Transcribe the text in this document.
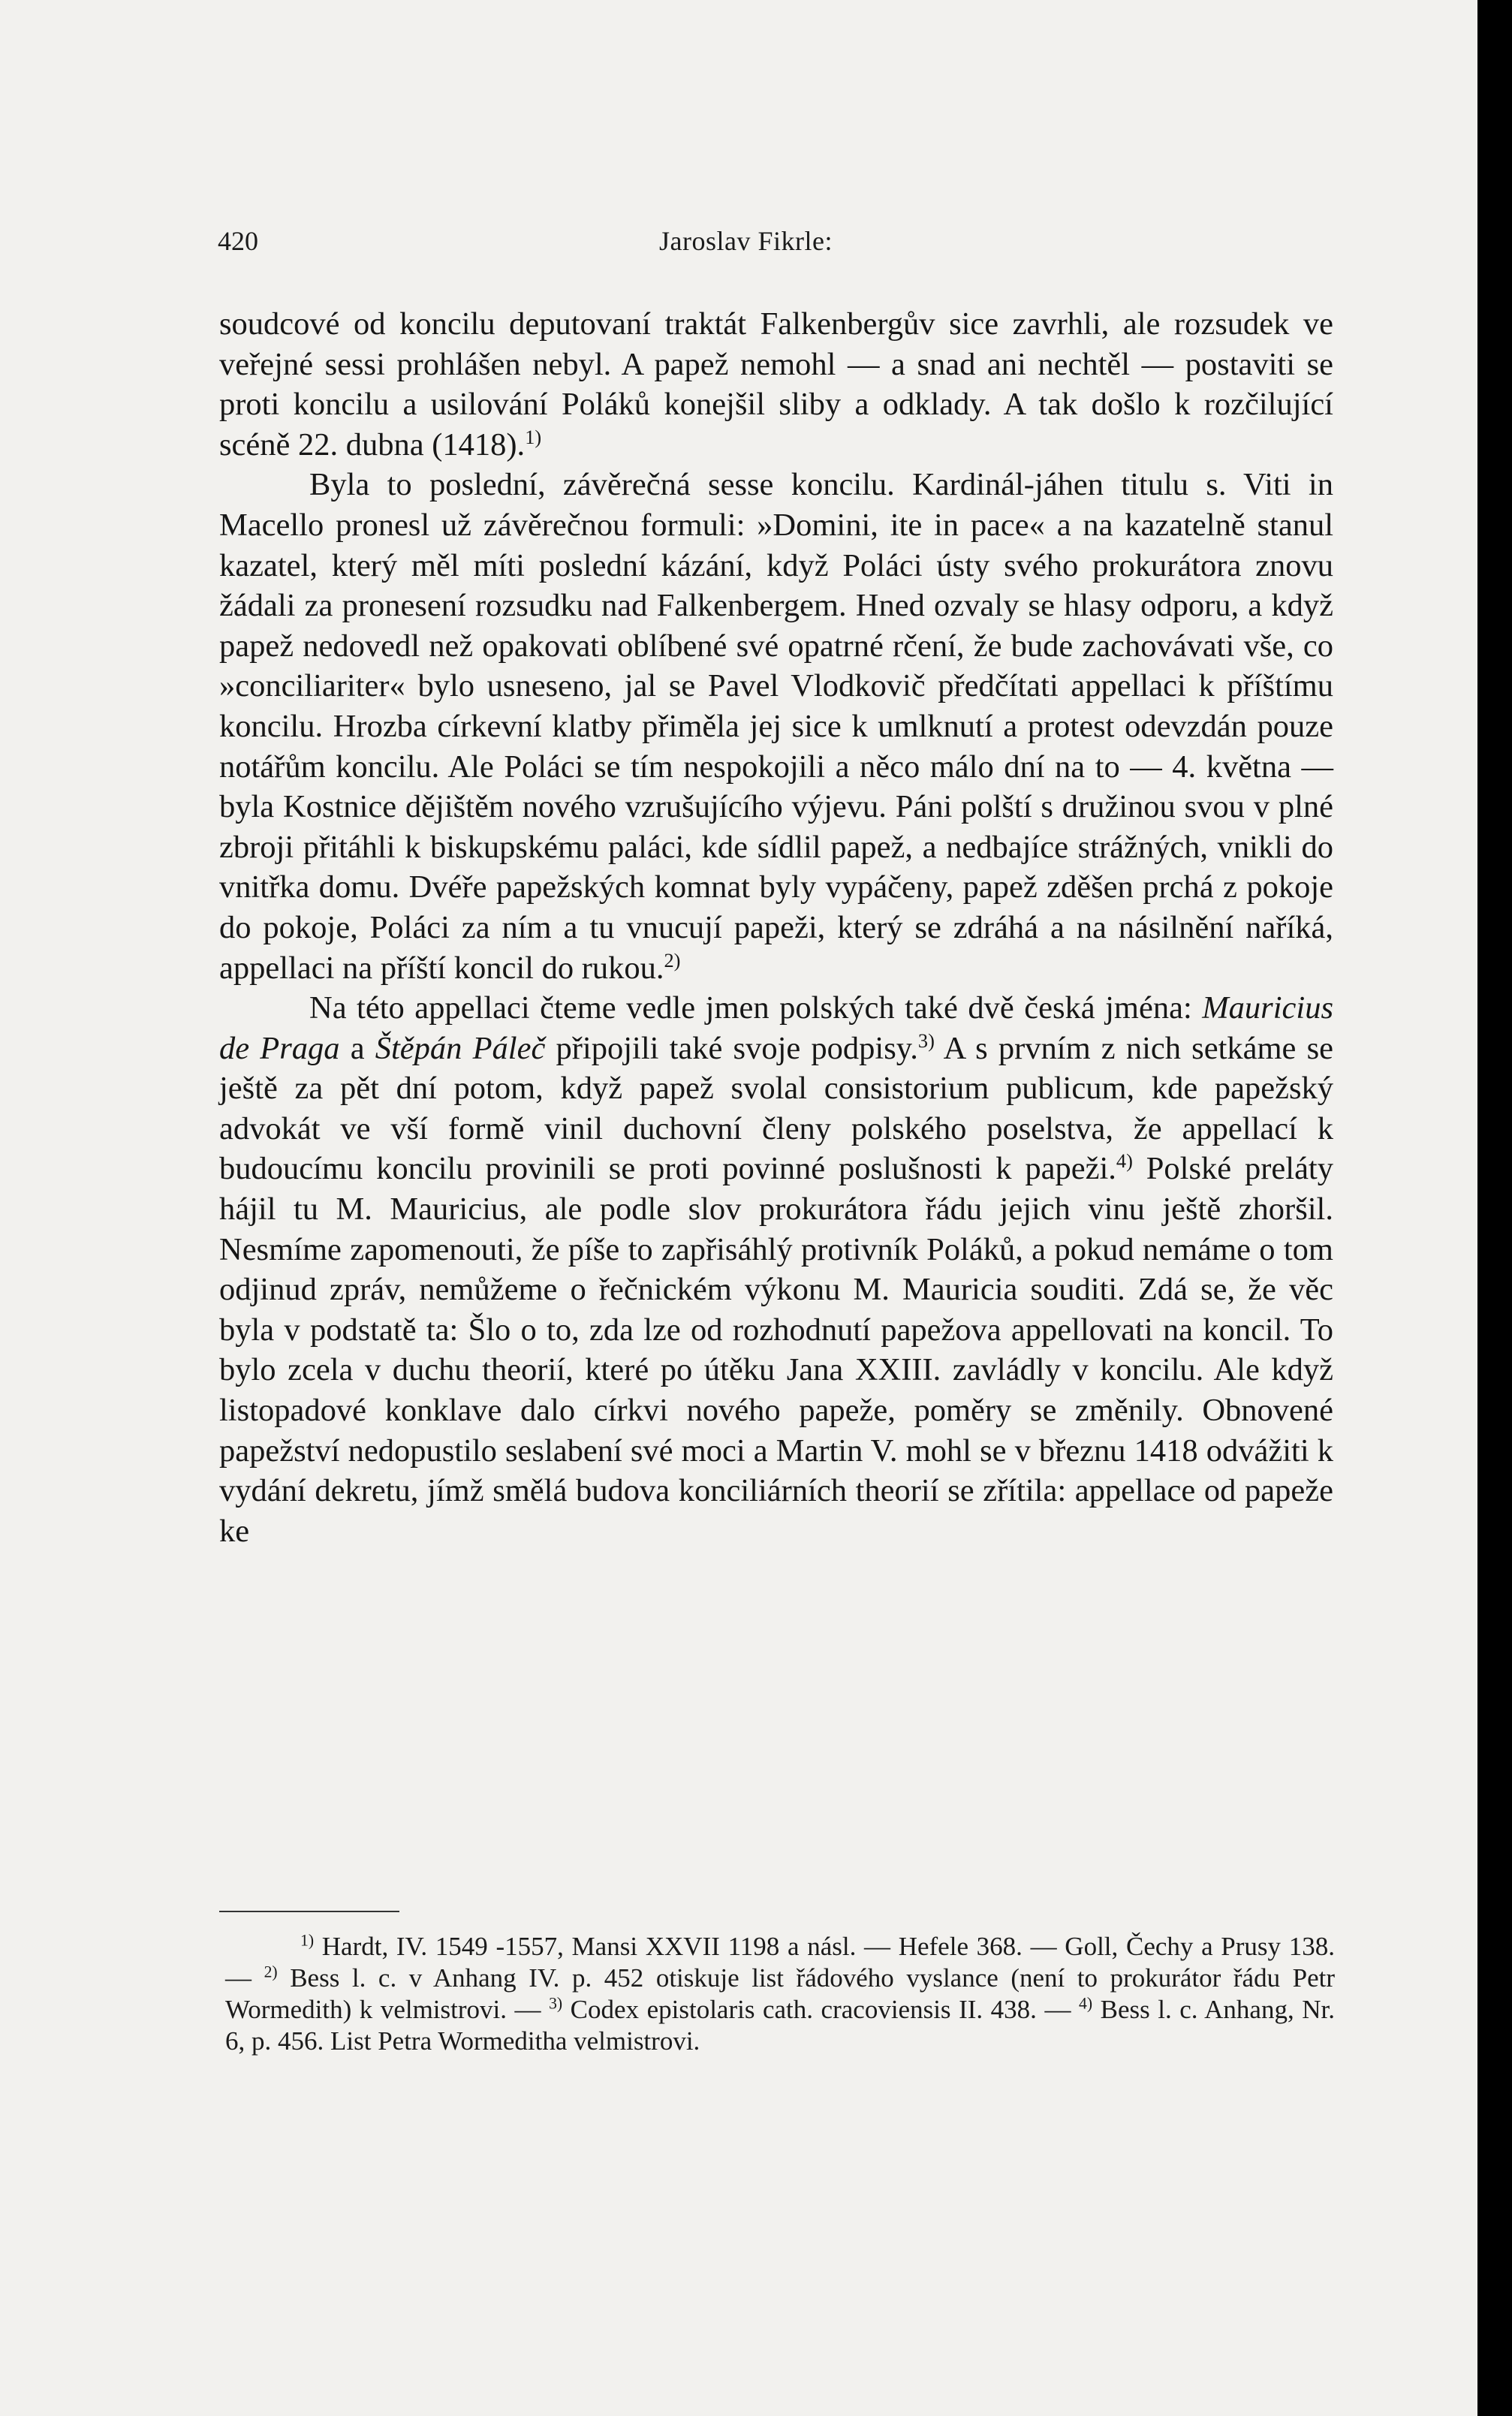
420	Jaroslav Fikrle:

soudcové od koncilu deputovaní traktát Falkenbergův sice zavrhli, ale rozsudek ve veřejné sessi prohlášen nebyl. A papež nemohl — a snad ani nechtěl — postaviti se proti koncilu a usilování Poláků konejšil sliby a odklady. A tak došlo k rozčilující scéně 22. dubna (1418).$^{1)}$

Byla to poslední, závěrečná sesse koncilu. Kardinál-jáhen titulu s. Viti in Macello pronesl už závěrečnou formuli: »Domini, ite in pace« a na kazatelně stanul kazatel, který měl míti poslední kázání, když Poláci ústy svého prokurátora znovu žádali za pronesení rozsudku nad Falkenbergem. Hned ozvaly se hlasy odporu, a když papež nedovedl než opakovati oblíbené své opatrné rčení, že bude zachovávati vše, co »conciliariter« bylo usneseno, jal se Pavel Vlodkovič předčítati appellaci k příštímu koncilu. Hrozba církevní klatby přiměla jej sice k umlknutí a protest odevzdán pouze notářům koncilu. Ale Poláci se tím nespokojili a něco málo dní na to — 4. května — byla Kostnice dějištěm nového vzrušujícího výjevu. Páni polští s družinou svou v plné zbroji přitáhli k biskupskému paláci, kde sídlil papež, a nedbajíce strážných, vnikli do vnitřka domu. Dvéře papežských komnat byly vypáčeny, papež zděšen prchá z pokoje do pokoje, Poláci za ním a tu vnucují papeži, který se zdráhá a na násilnění naříká, appellaci na příští koncil do rukou.$^{2)}$

Na této appellaci čteme vedle jmen polských také dvě česká jména: Mauricius de Praga a Štěpán Páleč připojili také svoje podpisy.$^{3)}$ A s prvním z nich setkáme se ještě za pět dní potom, když papež svolal consistorium publicum, kde papežský advokát ve vší formě vinil duchovní členy polského poselstva, že appellací k budoucímu koncilu provinili se proti povinné poslušnosti k papeži.$^{4)}$ Polské preláty hájil tu M. Mauricius, ale podle slov prokurátora řádu jejich vinu ještě zhoršil. Nesmíme zapomenouti, že píše to zapřisáhlý protivník Poláků, a pokud nemáme o tom odjinud zpráv, nemůžeme o řečnickém výkonu M. Mauricia souditi. Zdá se, že věc byla v podstatě ta: Šlo o to, zda lze od rozhodnutí papežova appellovati na koncil. To bylo zcela v duchu theorií, které po útěku Jana XXIII. zavládly v koncilu. Ale když listopadové konklave dalo církvi nového papeže, poměry se změnily. Obnovené papežství nedopustilo seslabení své moci a Martin V. mohl se v březnu 1418 odvážiti k vydání dekretu, jímž smělá budova konciliárních theorií se zřítila: appellace od papeže ke

$^{1)}$ Hardt, IV. 1549 -1557, Mansi XXVII 1198 a násl. — Hefele 368. — Goll, Čechy a Prusy 138. — $^{2)}$ Bess l. c. v Anhang IV. p. 452 otiskuje list řádového vyslance (není to prokurátor řádu Petr Wormedith) k velmistrovi. — $^{3)}$ Codex epistolaris cath. cracoviensis II. 438. — $^{4)}$ Bess l. c. Anhang, Nr. 6, p. 456. List Petra Wormeditha velmistrovi.
